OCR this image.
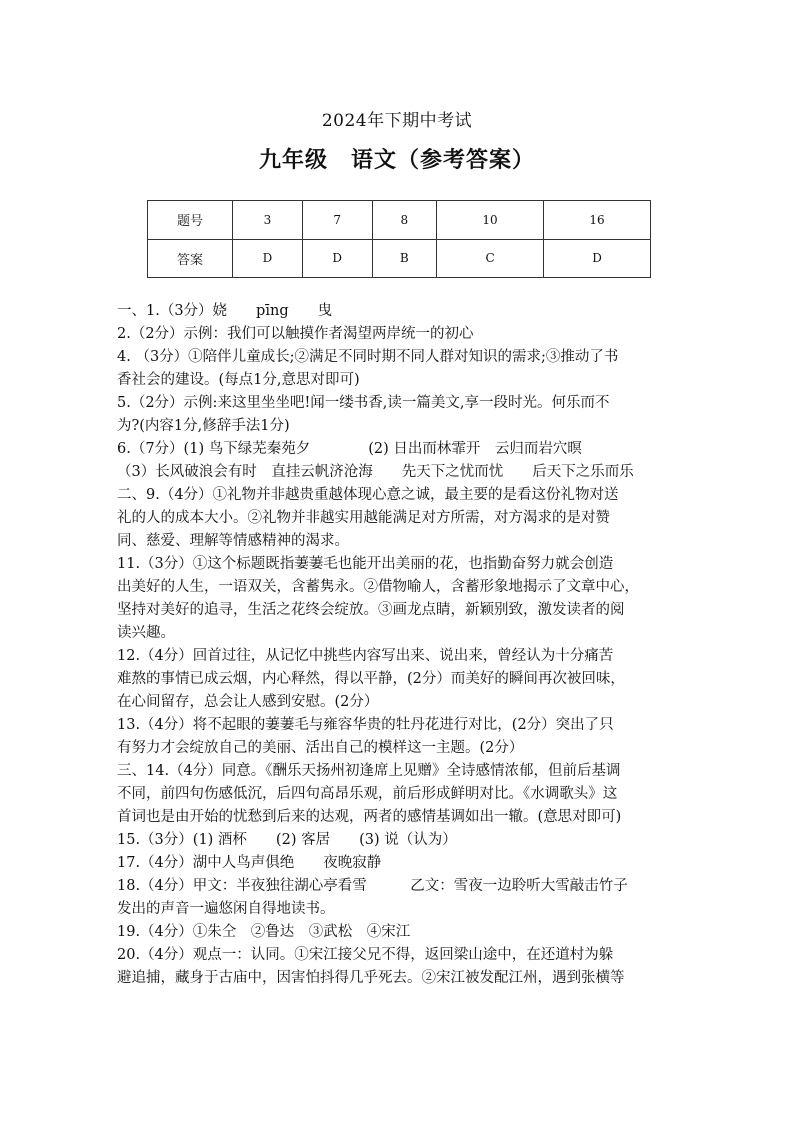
2024年下期中考试
九年级　语文（参考答案）
题号	3	7	8	10	16
答案	D	D	B	C	D

一、1.（3分）娆　　pīng　　曳

2.（2分）示例：我们可以触摸作者渴望两岸统一的初心

4. （3分）①陪伴儿童成长;②满足不同时期不同人群对知识的需求;③推动了书

香社会的建设。(每点1分,意思对即可)

5.（2分）示例:来这里坐坐吧!闻一缕书香,读一篇美文,享一段时光。何乐而不

为?(内容1分,修辞手法1分)

6.（7分）(1) 鸟下绿芜秦苑夕　　　　(2) 日出而林霏开　云归而岩穴暝

（3）长风破浪会有时　直挂云帆济沧海　　先天下之忧而忧　　后天下之乐而乐

二、9.（4分）①礼物并非越贵重越体现心意之诚，最主要的是看这份礼物对送

礼的人的成本大小。②礼物并非越实用越能满足对方所需，对方渴求的是对赞

同、慈爱、理解等情感精神的渴求。

11.（3分）①这个标题既指萋萋毛也能开出美丽的花，也指勤奋努力就会创造

出美好的人生，一语双关，含蓄隽永。②借物喻人，含蓄形象地揭示了文章中心，

坚持对美好的追寻，生活之花终会绽放。③画龙点睛，新颖别致，激发读者的阅

读兴趣。

12.（4分）回首过往，从记忆中挑些内容写出来、说出来，曾经认为十分痛苦

难熬的事情已成云烟，内心释然，得以平静，(2分）而美好的瞬间再次被回味，

在心间留存，总会让人感到安慰。(2分）

13.（4分）将不起眼的萋萋毛与雍容华贵的牡丹花进行对比，(2分）突出了只

有努力才会绽放自己的美丽、活出自己的模样这一主题。(2分）

三、14.（4分）同意。《酬乐天扬州初逢席上见赠》全诗感情浓郁，但前后基调

不同，前四句伤感低沉，后四句高昂乐观，前后形成鲜明对比。《水调歌头》这

首词也是由开始的忧愁到后来的达观，两者的感情基调如出一辙。(意思对即可)

15.（3分）(1) 酒杯　　(2) 客居　　(3) 说（认为）

17.（4分）湖中人鸟声俱绝　　夜晚寂静

18.（4分）甲文：半夜独往湖心亭看雪　　　乙文：雪夜一边聆听大雪敲击竹子

发出的声音一遍悠闲自得地读书。

19.（4分）①朱仝　②鲁达　③武松　④宋江

20.（4分）观点一：认同。①宋江接父兄不得，返回梁山途中，在还道村为躲

避追捕，藏身于古庙中，因害怕抖得几乎死去。②宋江被发配江州，遇到张横等
